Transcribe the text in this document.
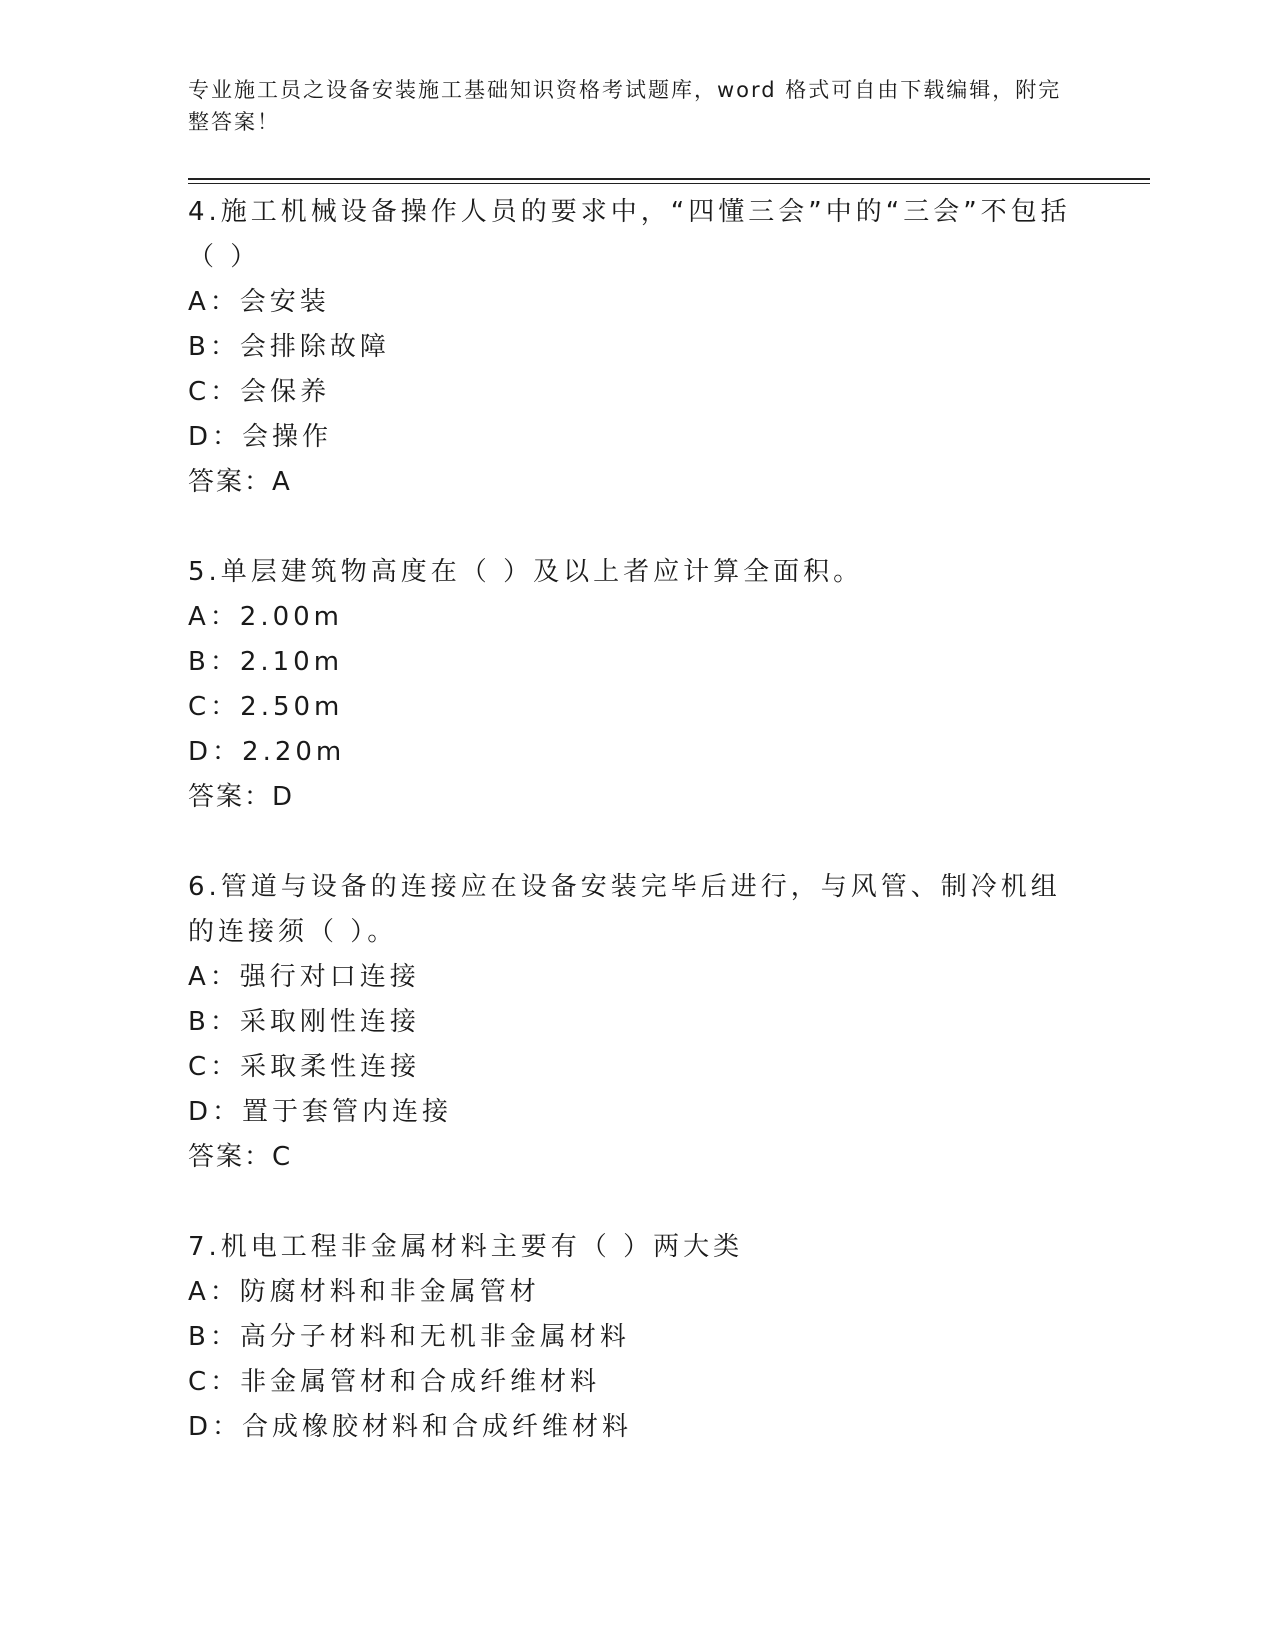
专业施工员之设备安装施工基础知识资格考试题库，word 格式可自由下载编辑，附完整答案！

4.施工机械设备操作人员的要求中，“四懂三会”中的“三会”不包括（ ）

A：会安装

B：会排除故障

C：会保养

D：会操作

答案：A

5.单层建筑物高度在（ ）及以上者应计算全面积。

A：2.00m

B：2.10m

C：2.50m

D：2.20m

答案：D

6.管道与设备的连接应在设备安装完毕后进行，与风管、制冷机组的连接须（ ）。

A：强行对口连接

B：采取刚性连接

C：采取柔性连接

D：置于套管内连接

答案：C

7.机电工程非金属材料主要有（ ）两大类

A：防腐材料和非金属管材

B：高分子材料和无机非金属材料

C：非金属管材和合成纤维材料

D：合成橡胶材料和合成纤维材料
